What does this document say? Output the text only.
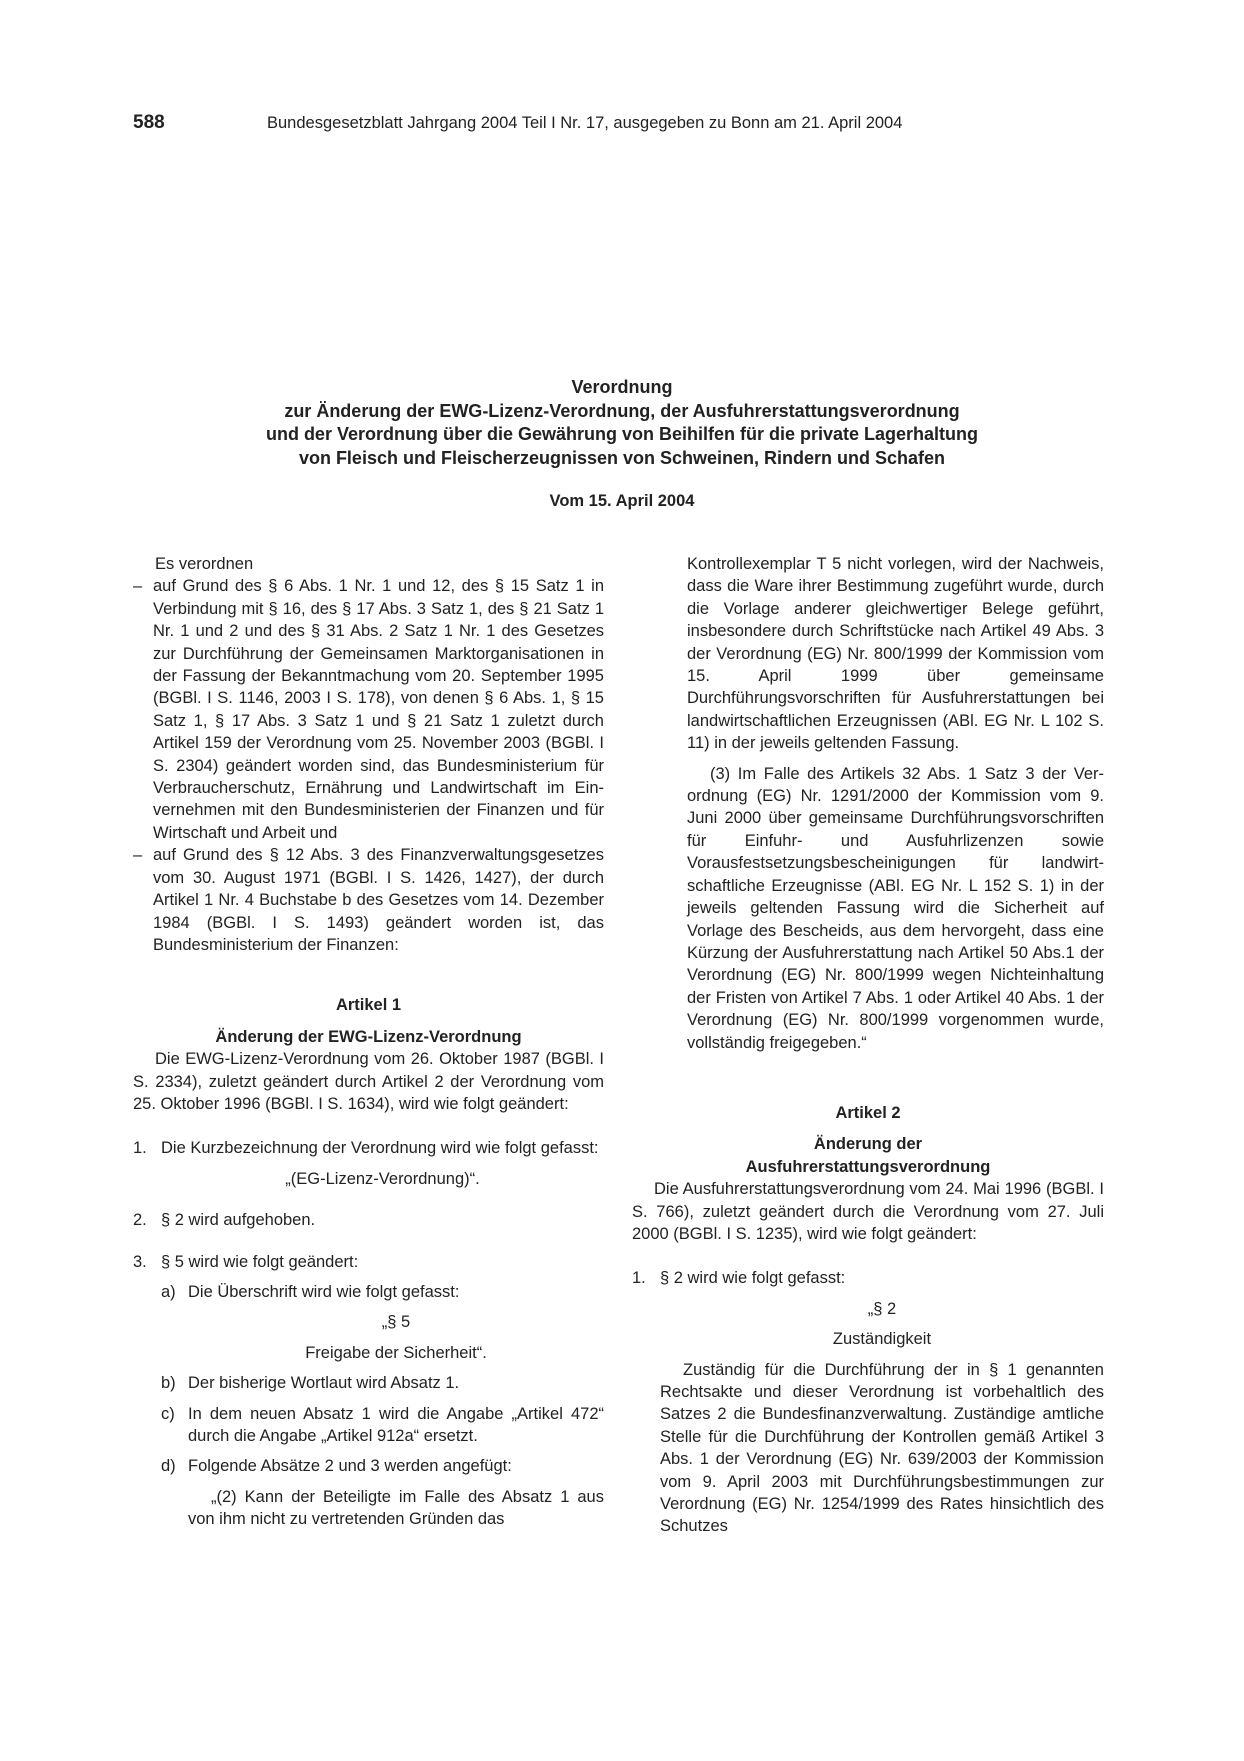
588	Bundesgesetzblatt Jahrgang 2004 Teil I Nr. 17, ausgegeben zu Bonn am 21. April 2004
Verordnung
zur Änderung der EWG-Lizenz-Verordnung, der Ausfuhrerstattungsverordnung
und der Verordnung über die Gewährung von Beihilfen für die private Lagerhaltung
von Fleisch und Fleischerzeugnissen von Schweinen, Rindern und Schafen
Vom 15. April 2004

Es verordnen

– auf Grund des § 6 Abs. 1 Nr. 1 und 12, des § 15 Satz 1 in Verbindung mit § 16, des § 17 Abs. 3 Satz 1, des § 21 Satz 1 Nr. 1 und 2 und des § 31 Abs. 2 Satz 1 Nr. 1 des Gesetzes zur Durchführung der Gemeinsamen Marktorganisationen in der Fassung der Bekanntmachung vom 20. September 1995 (BGBl. I S. 1146, 2003 I S. 178), von denen § 6 Abs. 1, § 15 Satz 1, § 17 Abs. 3 Satz 1 und § 21 Satz 1 zuletzt durch Artikel 159 der Verordnung vom 25. November 2003 (BGBl. I S. 2304) geändert worden sind, das Bundesministerium für Verbraucherschutz, Ernährung und Landwirtschaft im Einvernehmen mit den Bundesministerien der Finanzen und für Wirtschaft und Arbeit und

– auf Grund des § 12 Abs. 3 des Finanzverwaltungsgesetzes vom 30. August 1971 (BGBl. I S. 1426, 1427), der durch Artikel 1 Nr. 4 Buchstabe b des Gesetzes vom 14. Dezember 1984 (BGBl. I S. 1493) geändert worden ist, das Bundesministerium der Finanzen:

Artikel 1

Änderung der EWG-Lizenz-Verordnung

Die EWG-Lizenz-Verordnung vom 26. Oktober 1987 (BGBl. I S. 2334), zuletzt geändert durch Artikel 2 der Verordnung vom 25. Oktober 1996 (BGBl. I S. 1634), wird wie folgt geändert:

1. Die Kurzbezeichnung der Verordnung wird wie folgt gefasst:

„(EG-Lizenz-Verordnung)“.

2. § 2 wird aufgehoben.

3. § 5 wird wie folgt geändert:

a) Die Überschrift wird wie folgt gefasst:

„§ 5

Freigabe der Sicherheit“.

b) Der bisherige Wortlaut wird Absatz 1.

c) In dem neuen Absatz 1 wird die Angabe „Artikel 472“ durch die Angabe „Artikel 912a“ ersetzt.

d) Folgende Absätze 2 und 3 werden angefügt:

„(2) Kann der Beteiligte im Falle des Absatz 1 aus von ihm nicht zu vertretenden Gründen das

Kontrollexemplar T 5 nicht vorlegen, wird der Nachweis, dass die Ware ihrer Bestimmung zugeführt wurde, durch die Vorlage anderer gleichwertiger Belege geführt, insbesondere durch Schriftstücke nach Artikel 49 Abs. 3 der Verordnung (EG) Nr. 800/1999 der Kommission vom 15. April 1999 über gemeinsame Durchführungsvorschriften für Ausfuhrerstattungen bei landwirtschaftlichen Erzeugnissen (ABl. EG Nr. L 102 S. 11) in der jeweils geltenden Fassung.

(3) Im Falle des Artikels 32 Abs. 1 Satz 3 der Verordnung (EG) Nr. 1291/2000 der Kommission vom 9. Juni 2000 über gemeinsame Durchführungsvorschriften für Einfuhr- und Ausfuhrlizenzen sowie Vorausfestsetzungsbescheinigungen für landwirtschaftliche Erzeugnisse (ABl. EG Nr. L 152 S. 1) in der jeweils geltenden Fassung wird die Sicherheit auf Vorlage des Bescheids, aus dem hervorgeht, dass eine Kürzung der Ausfuhrerstattung nach Artikel 50 Abs.1 der Verordnung (EG) Nr. 800/1999 wegen Nichteinhaltung der Fristen von Artikel 7 Abs. 1 oder Artikel 40 Abs. 1 der Verordnung (EG) Nr. 800/1999 vorgenommen wurde, vollständig freigegeben.“

Artikel 2

Änderung der

Ausfuhrerstattungsverordnung

Die Ausfuhrerstattungsverordnung vom 24. Mai 1996 (BGBl. I S. 766), zuletzt geändert durch die Verordnung vom 27. Juli 2000 (BGBl. I S. 1235), wird wie folgt geändert:

1. § 2 wird wie folgt gefasst:

„§ 2

Zuständigkeit

Zuständig für die Durchführung der in § 1 genannten Rechtsakte und dieser Verordnung ist vorbehaltlich des Satzes 2 die Bundesfinanzverwaltung. Zuständige amtliche Stelle für die Durchführung der Kontrollen gemäß Artikel 3 Abs. 1 der Verordnung (EG) Nr. 639/2003 der Kommission vom 9. April 2003 mit Durchführungsbestimmungen zur Verordnung (EG) Nr. 1254/1999 des Rates hinsichtlich des Schutzes
